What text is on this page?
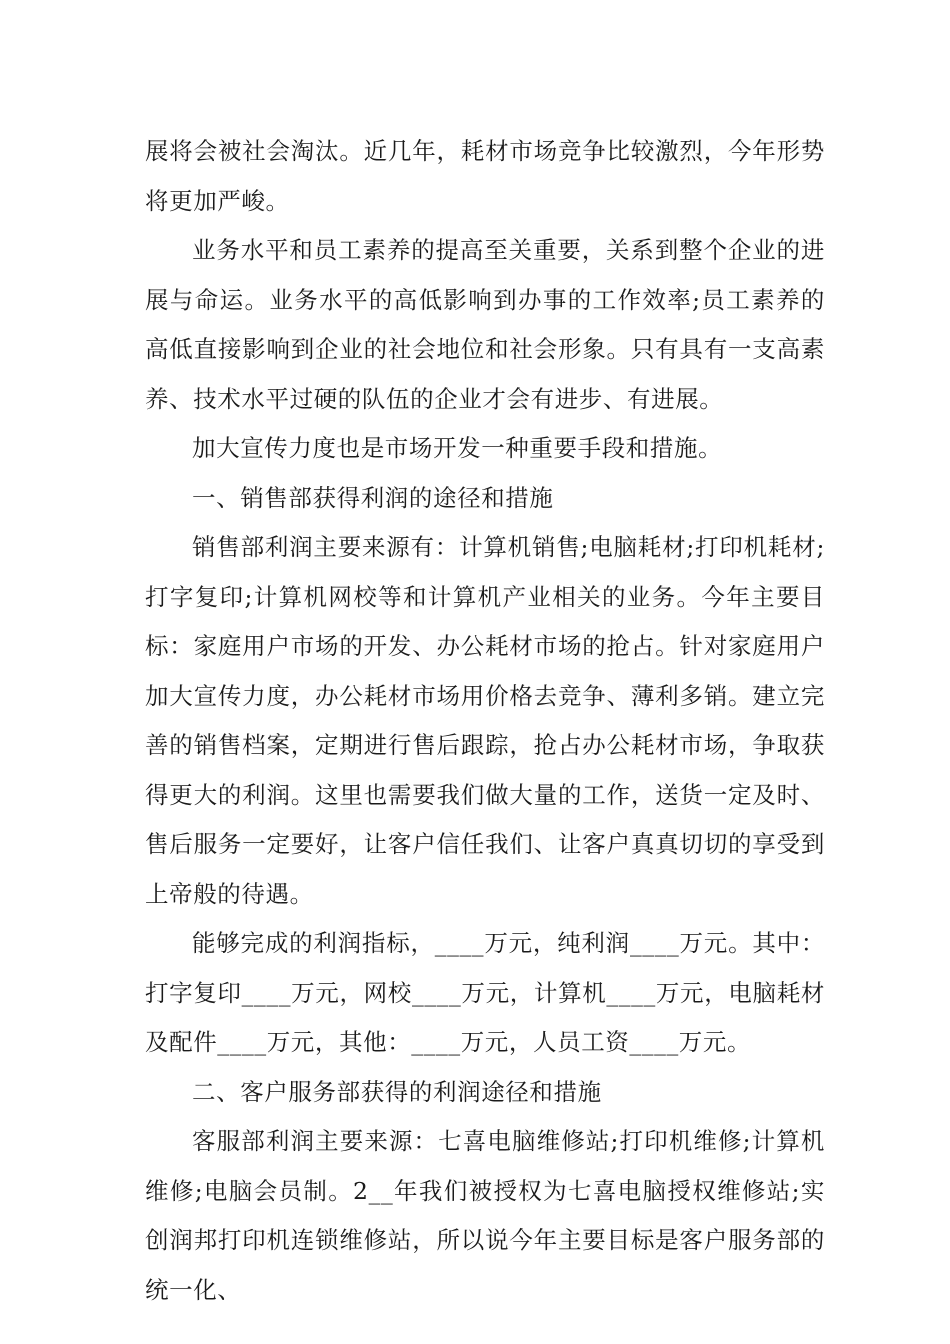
展将会被社会淘汰。近几年，耗材市场竞争比较激烈，今年形势将更加严峻。

业务水平和员工素养的提高至关重要，关系到整个企业的进展与命运。业务水平的高低影响到办事的工作效率;员工素养的高低直接影响到企业的社会地位和社会形象。只有具有一支高素养、技术水平过硬的队伍的企业才会有进步、有进展。

加大宣传力度也是市场开发一种重要手段和措施。

一、销售部获得利润的途径和措施

销售部利润主要来源有：计算机销售;电脑耗材;打印机耗材;打字复印;计算机网校等和计算机产业相关的业务。今年主要目标：家庭用户市场的开发、办公耗材市场的抢占。针对家庭用户加大宣传力度，办公耗材市场用价格去竞争、薄利多销。建立完善的销售档案，定期进行售后跟踪，抢占办公耗材市场，争取获得更大的利润。这里也需要我们做大量的工作，送货一定及时、售后服务一定要好，让客户信任我们、让客户真真切切的享受到上帝般的待遇。

能够完成的利润指标，____万元，纯利润____万元。其中：打字复印____万元，网校____万元，计算机____万元，电脑耗材及配件____万元，其他：____万元，人员工资____万元。

二、客户服务部获得的利润途径和措施

客服部利润主要来源：七喜电脑维修站;打印机维修;计算机维修;电脑会员制。2__年我们被授权为七喜电脑授权维修站;实创润邦打印机连锁维修站，所以说今年主要目标是客户服务部的统一化、
